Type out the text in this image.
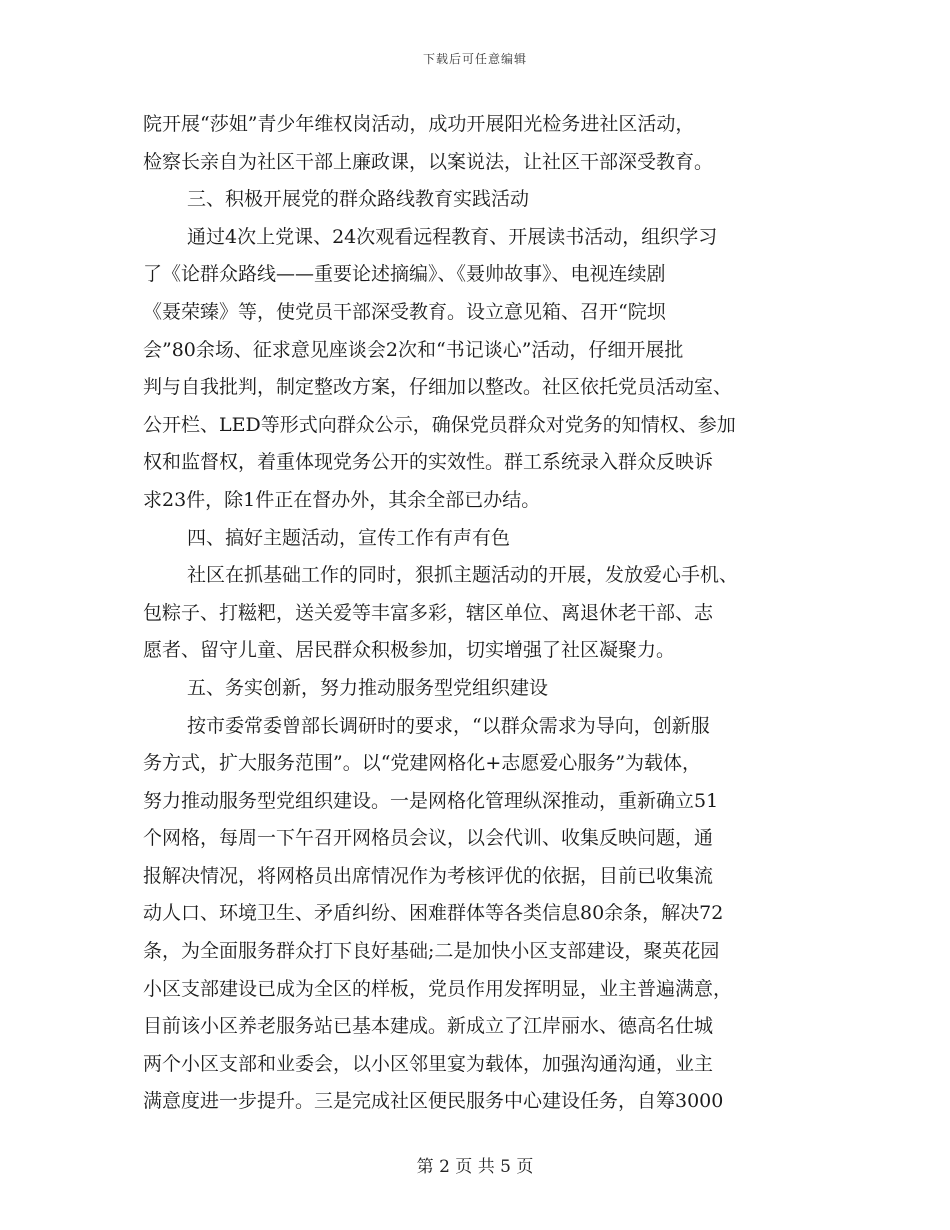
下载后可任意编辑
院开展“莎姐”青少年维权岗活动，成功开展阳光检务进社区活动，
检察长亲自为社区干部上廉政课，以案说法，让社区干部深受教育。
三、积极开展党的群众路线教育实践活动
通过4次上党课、24次观看远程教育、开展读书活动，组织学习
了《论群众路线——重要论述摘编》、《聂帅故事》、电视连续剧
《聂荣臻》等，使党员干部深受教育。设立意见箱、召开“院坝
会”80余场、征求意见座谈会2次和“书记谈心”活动，仔细开展批
判与自我批判，制定整改方案，仔细加以整改。社区依托党员活动室、
公开栏、LED等形式向群众公示，确保党员群众对党务的知情权、参加
权和监督权，着重体现党务公开的实效性。群工系统录入群众反映诉
求23件，除1件正在督办外，其余全部已办结。
四、搞好主题活动，宣传工作有声有色
社区在抓基础工作的同时，狠抓主题活动的开展，发放爱心手机、
包粽子、打糍粑，送关爱等丰富多彩，辖区单位、离退休老干部、志
愿者、留守儿童、居民群众积极参加，切实增强了社区凝聚力。
五、务实创新，努力推动服务型党组织建设
按市委常委曾部长调研时的要求，“以群众需求为导向，创新服
务方式，扩大服务范围”。以“党建网格化+志愿爱心服务”为载体，
努力推动服务型党组织建设。一是网格化管理纵深推动，重新确立51
个网格，每周一下午召开网格员会议，以会代训、收集反映问题，通
报解决情况，将网格员出席情况作为考核评优的依据，目前已收集流
动人口、环境卫生、矛盾纠纷、困难群体等各类信息80余条，解决72
条，为全面服务群众打下良好基础;二是加快小区支部建设，聚英花园
小区支部建设已成为全区的样板，党员作用发挥明显，业主普遍满意，
目前该小区养老服务站已基本建成。新成立了江岸丽水、德高名仕城
两个小区支部和业委会，以小区邻里宴为载体，加强沟通沟通，业主
满意度进一步提升。三是完成社区便民服务中心建设任务，自筹3000
第 2 页 共 5 页
